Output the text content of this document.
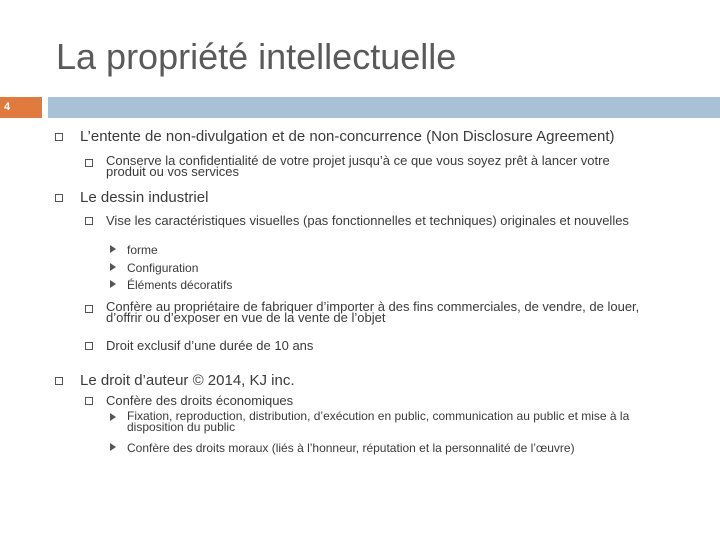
La propriété intellectuelle
4
L’entente de non-divulgation et de non-concurrence (Non Disclosure Agreement)
Conserve la confidentialité de votre projet jusqu’à ce que vous soyez prêt à lancer votre
produit ou vos services
Le dessin industriel
Vise les caractéristiques visuelles (pas fonctionnelles et techniques) originales et nouvelles
forme
Configuration
Éléments décoratifs
Confère au propriétaire de fabriquer d’importer à des fins commerciales, de vendre, de louer,
d’offrir ou d’exposer en vue de la vente de l’objet
Droit exclusif d’une durée de 10 ans
Le droit d’auteur © 2014, KJ inc.
Confère des droits économiques
Fixation, reproduction, distribution, d’exécution en public, communication au public et mise à la
disposition du public
Confère des droits moraux (liés à l’honneur, réputation et la personnalité de l’œuvre)
